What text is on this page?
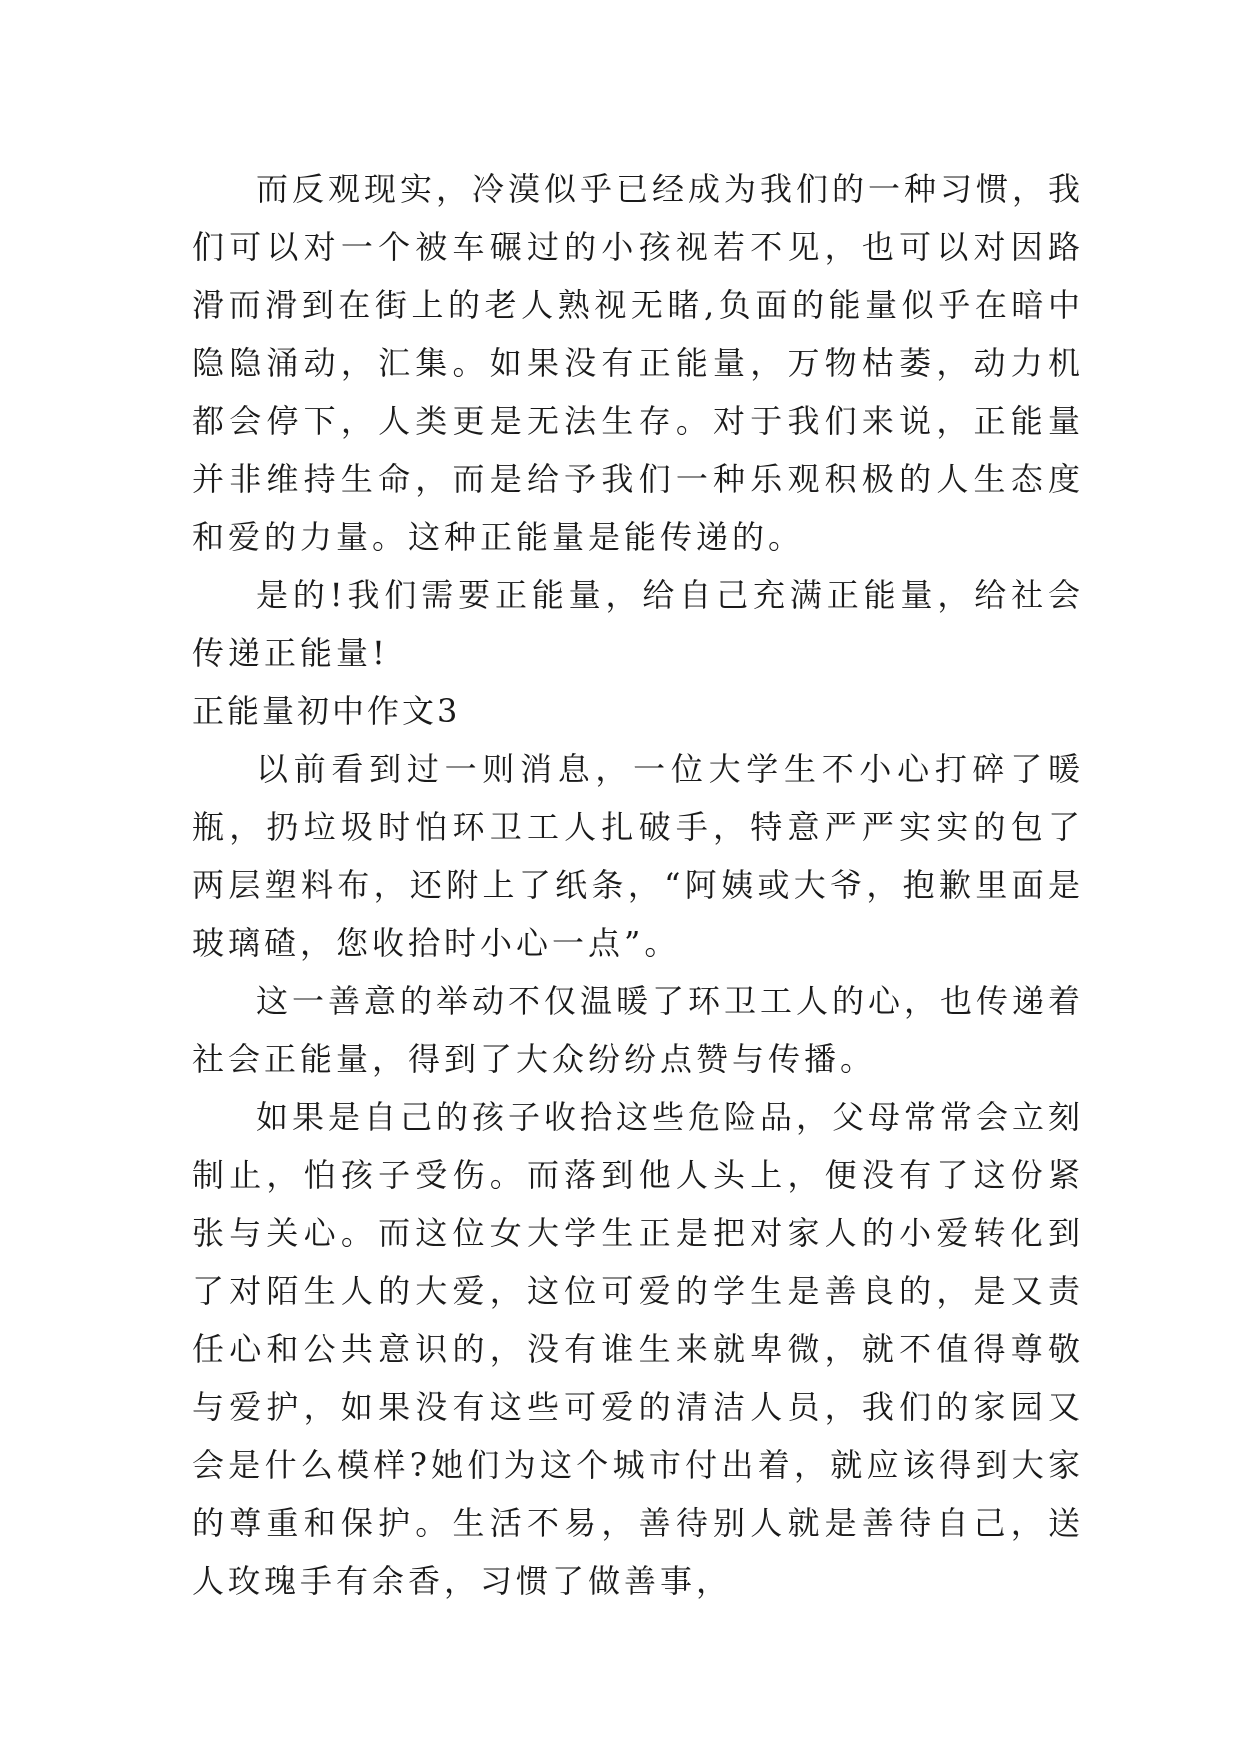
而反观现实，冷漠似乎已经成为我们的一种习惯，我们可以对一个被车碾过的小孩视若不见，也可以对因路滑而滑到在街上的老人熟视无睹,负面的能量似乎在暗中隐隐涌动，汇集。如果没有正能量，万物枯萎，动力机都会停下，人类更是无法生存。对于我们来说，正能量并非维持生命，而是给予我们一种乐观积极的人生态度和爱的力量。这种正能量是能传递的。

是的!我们需要正能量，给自己充满正能量，给社会传递正能量!

正能量初中作文3

以前看到过一则消息，一位大学生不小心打碎了暖瓶，扔垃圾时怕环卫工人扎破手，特意严严实实的包了两层塑料布，还附上了纸条，“阿姨或大爷，抱歉里面是玻璃碴，您收拾时小心一点”。

这一善意的举动不仅温暖了环卫工人的心，也传递着社会正能量，得到了大众纷纷点赞与传播。

如果是自己的孩子收拾这些危险品，父母常常会立刻制止，怕孩子受伤。而落到他人头上，便没有了这份紧张与关心。而这位女大学生正是把对家人的小爱转化到了对陌生人的大爱，这位可爱的学生是善良的，是又责任心和公共意识的，没有谁生来就卑微，就不值得尊敬与爱护，如果没有这些可爱的清洁人员，我们的家园又会是什么模样?她们为这个城市付出着，就应该得到大家的尊重和保护。生活不易，善待别人就是善待自己，送人玫瑰手有余香，习惯了做善事，
